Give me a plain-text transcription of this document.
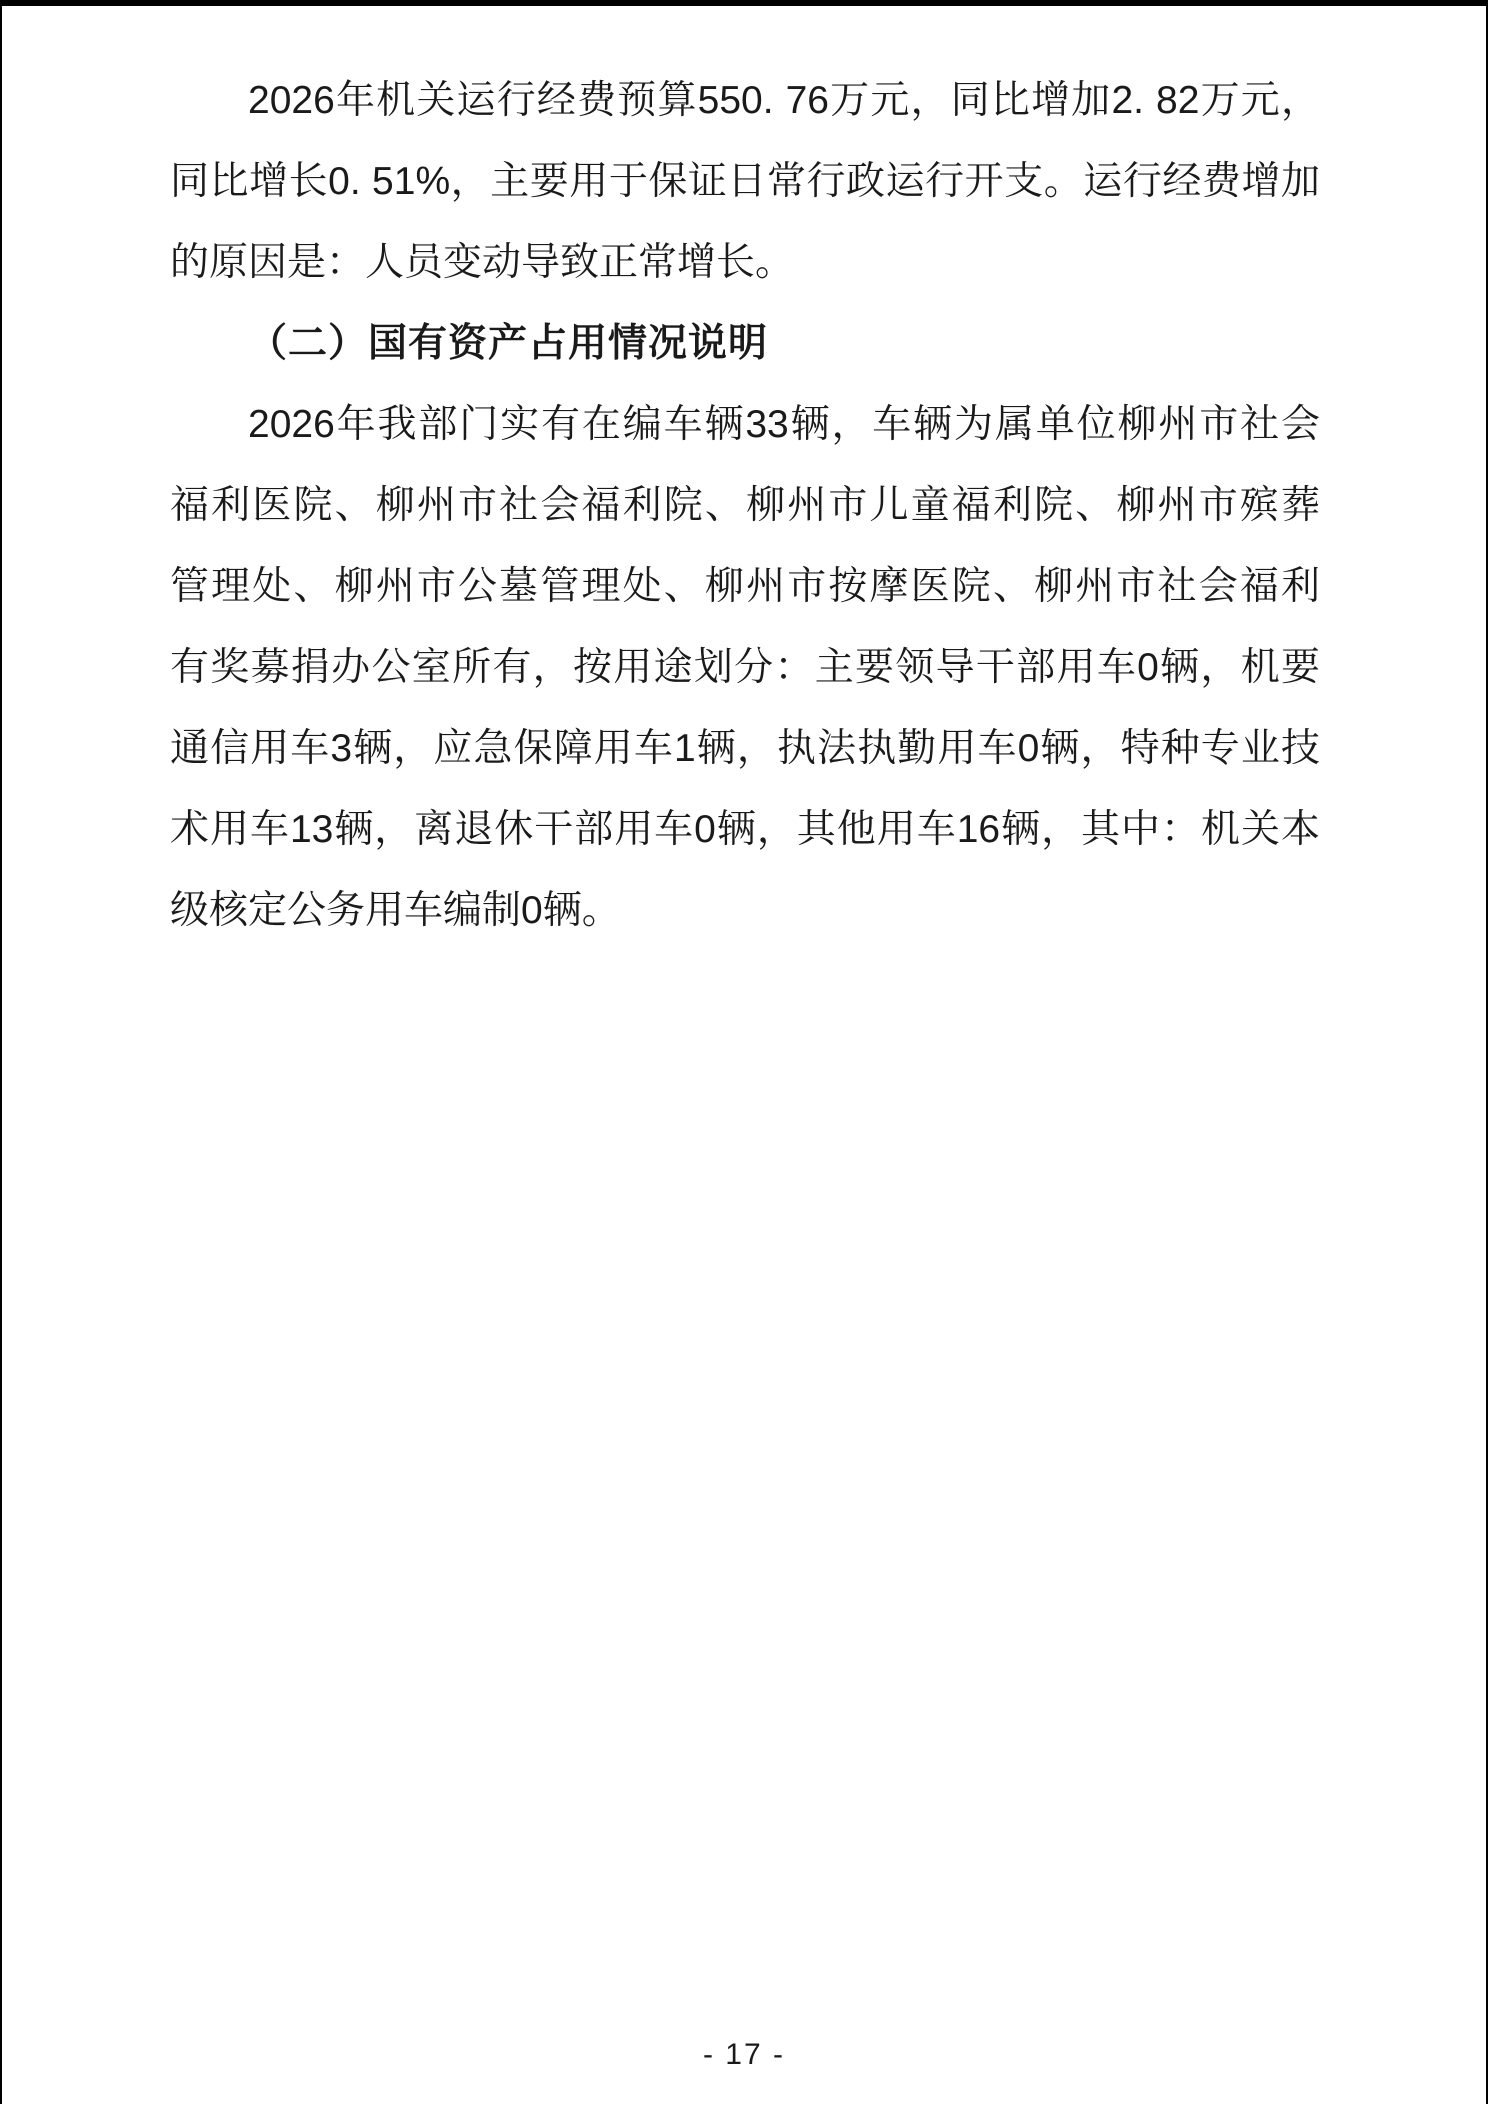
2026年机关运行经费预算550. 76万元，同比增加2. 82万元，
同比增长0. 51%，主要用于保证日常行政运行开支。运行经费增加
的原因是：人员变动导致正常增长。
（二）国有资产占用情况说明
2026年我部门实有在编车辆33辆，车辆为属单位柳州市社会
福利医院、柳州市社会福利院、柳州市儿童福利院、柳州市殡葬
管理处、柳州市公墓管理处、柳州市按摩医院、柳州市社会福利
有奖募捐办公室所有，按用途划分：主要领导干部用车0辆，机要
通信用车3辆，应急保障用车1辆，执法执勤用车0辆，特种专业技
术用车13辆，离退休干部用车0辆，其他用车16辆，其中：机关本
级核定公务用车编制0辆。
- 17 -
